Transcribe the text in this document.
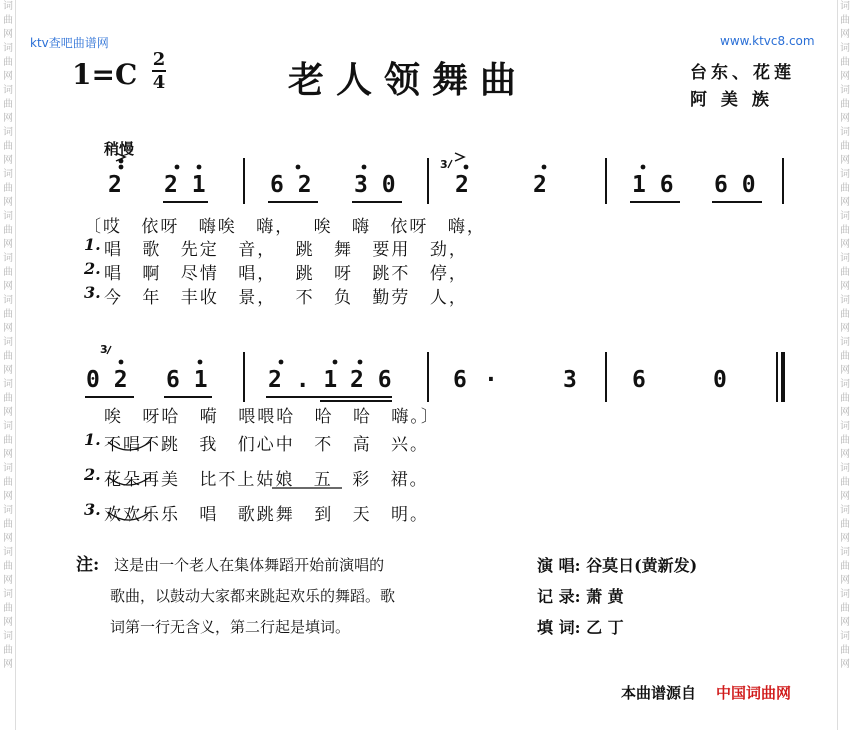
词
曲
网
词
曲
网
词
曲
网
词
曲
网
词
曲
网
词
曲
网
词
曲
网
词
曲
网
词
曲
网
词
曲
网
词
曲
网
词
曲
网
词
曲
网
词
曲
网
词
曲
网
词
曲
网
词
曲
网
词
曲
网
词
曲
网
词
曲
网
词
曲
网
词
曲
网
词
曲
网
词
曲
网
词
曲
网
词
曲
网
词
曲
网
词
曲
网
词
曲
网
词
曲
网
词
曲
网
词
曲
网
ktv查吧曲谱网	www.ktvc8.com
1=C 2
4	老人领舞曲	台东、花莲
阿 美 族
稍慢
2 2 1	6 2 3 0	2	2	1 6 6 0
3
〔哎 依呀 嗨唉 嗨， 唉 嗨 依呀 嗨，
1. 唱 歌 先定 音， 跳 舞 要用 劲，
2. 唱 啊 尽情 唱， 跳 呀 跳不 停，
3. 今 年 丰收 景， 不 负 勤劳 人，
0 2 6 1	2 . 1 2 6	6 ·	3 6	0
3
唉 呀哈 嗬 喂喂哈 哈 哈 嗨。〕
1. 不唱不跳 我 们心中 不 高 兴。
2. 花朵再美 比不上姑娘 五 彩 裙。
3. 欢欢乐乐 唱 歌跳舞 到 天 明。
注: 这是由一个老人在集体舞蹈开始前演唱的
歌曲，以鼓动大家都来跳起欢乐的舞蹈。歌
词第一行无含义，第二行起是填词。
演 唱: 谷莫日(黄新发)
记 录: 萧 黄
填 词: 乙 丁
本曲谱源自 中国词曲网
